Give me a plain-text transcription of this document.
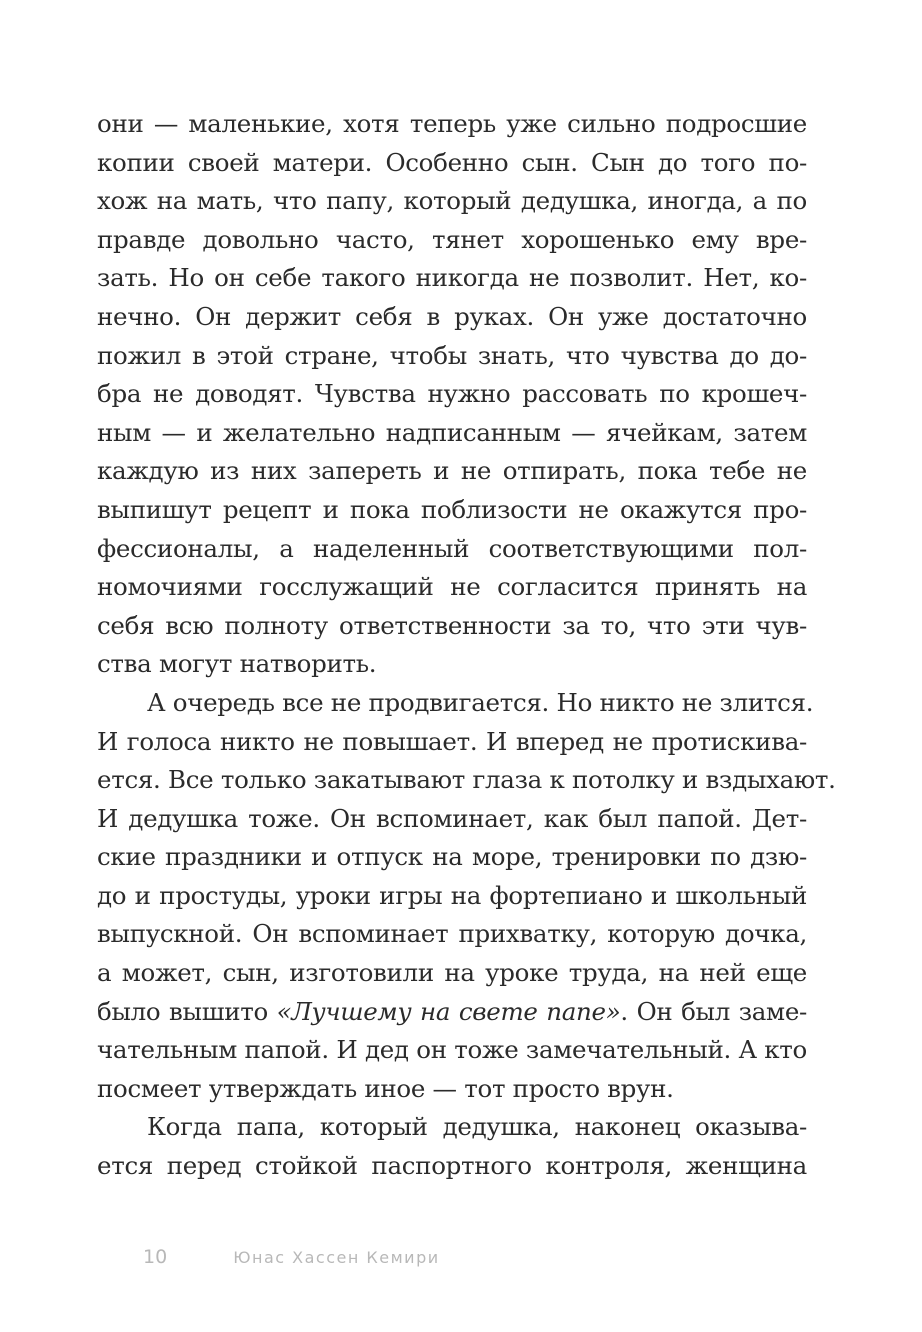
они — маленькие, хотя теперь уже сильно подросшие
копии своей матери. Особенно сын. Сын до того по-
хож на мать, что папу, который дедушка, иногда, а по
правде довольно часто, тянет хорошенько ему вре-
зать. Но он себе такого никогда не позволит. Нет, ко-
нечно. Он держит себя в руках. Он уже достаточно
пожил в этой стране, чтобы знать, что чувства до до-
бра не доводят. Чувства нужно рассовать по крошеч-
ным — и желательно надписанным — ячейкам, затем
каждую из них запереть и не отпирать, пока тебе не
выпишут рецепт и пока поблизости не окажутся про-
фессионалы, а наделенный соответствующими пол-
номочиями госслужащий не согласится принять на
себя всю полноту ответственности за то, что эти чув-
ства могут натворить.
А очередь все не продвигается. Но никто не злится.
И голоса никто не повышает. И вперед не протискива-
ется. Все только закатывают глаза к потолку и вздыхают.
И дедушка тоже. Он вспоминает, как был папой. Дет-
ские праздники и отпуск на море, тренировки по дзю-
до и простуды, уроки игры на фортепиано и школьный
выпускной. Он вспоминает прихватку, которую дочка,
а может, сын, изготовили на уроке труда, на ней еще
было вышито «Лучшему на свете папе». Он был заме-
чательным папой. И дед он тоже замечательный. А кто
посмеет утверждать иное — тот просто врун.
Когда папа, который дедушка, наконец оказыва-
ется перед стойкой паспортного контроля, женщина
10	Юнас Хассен Кемири
